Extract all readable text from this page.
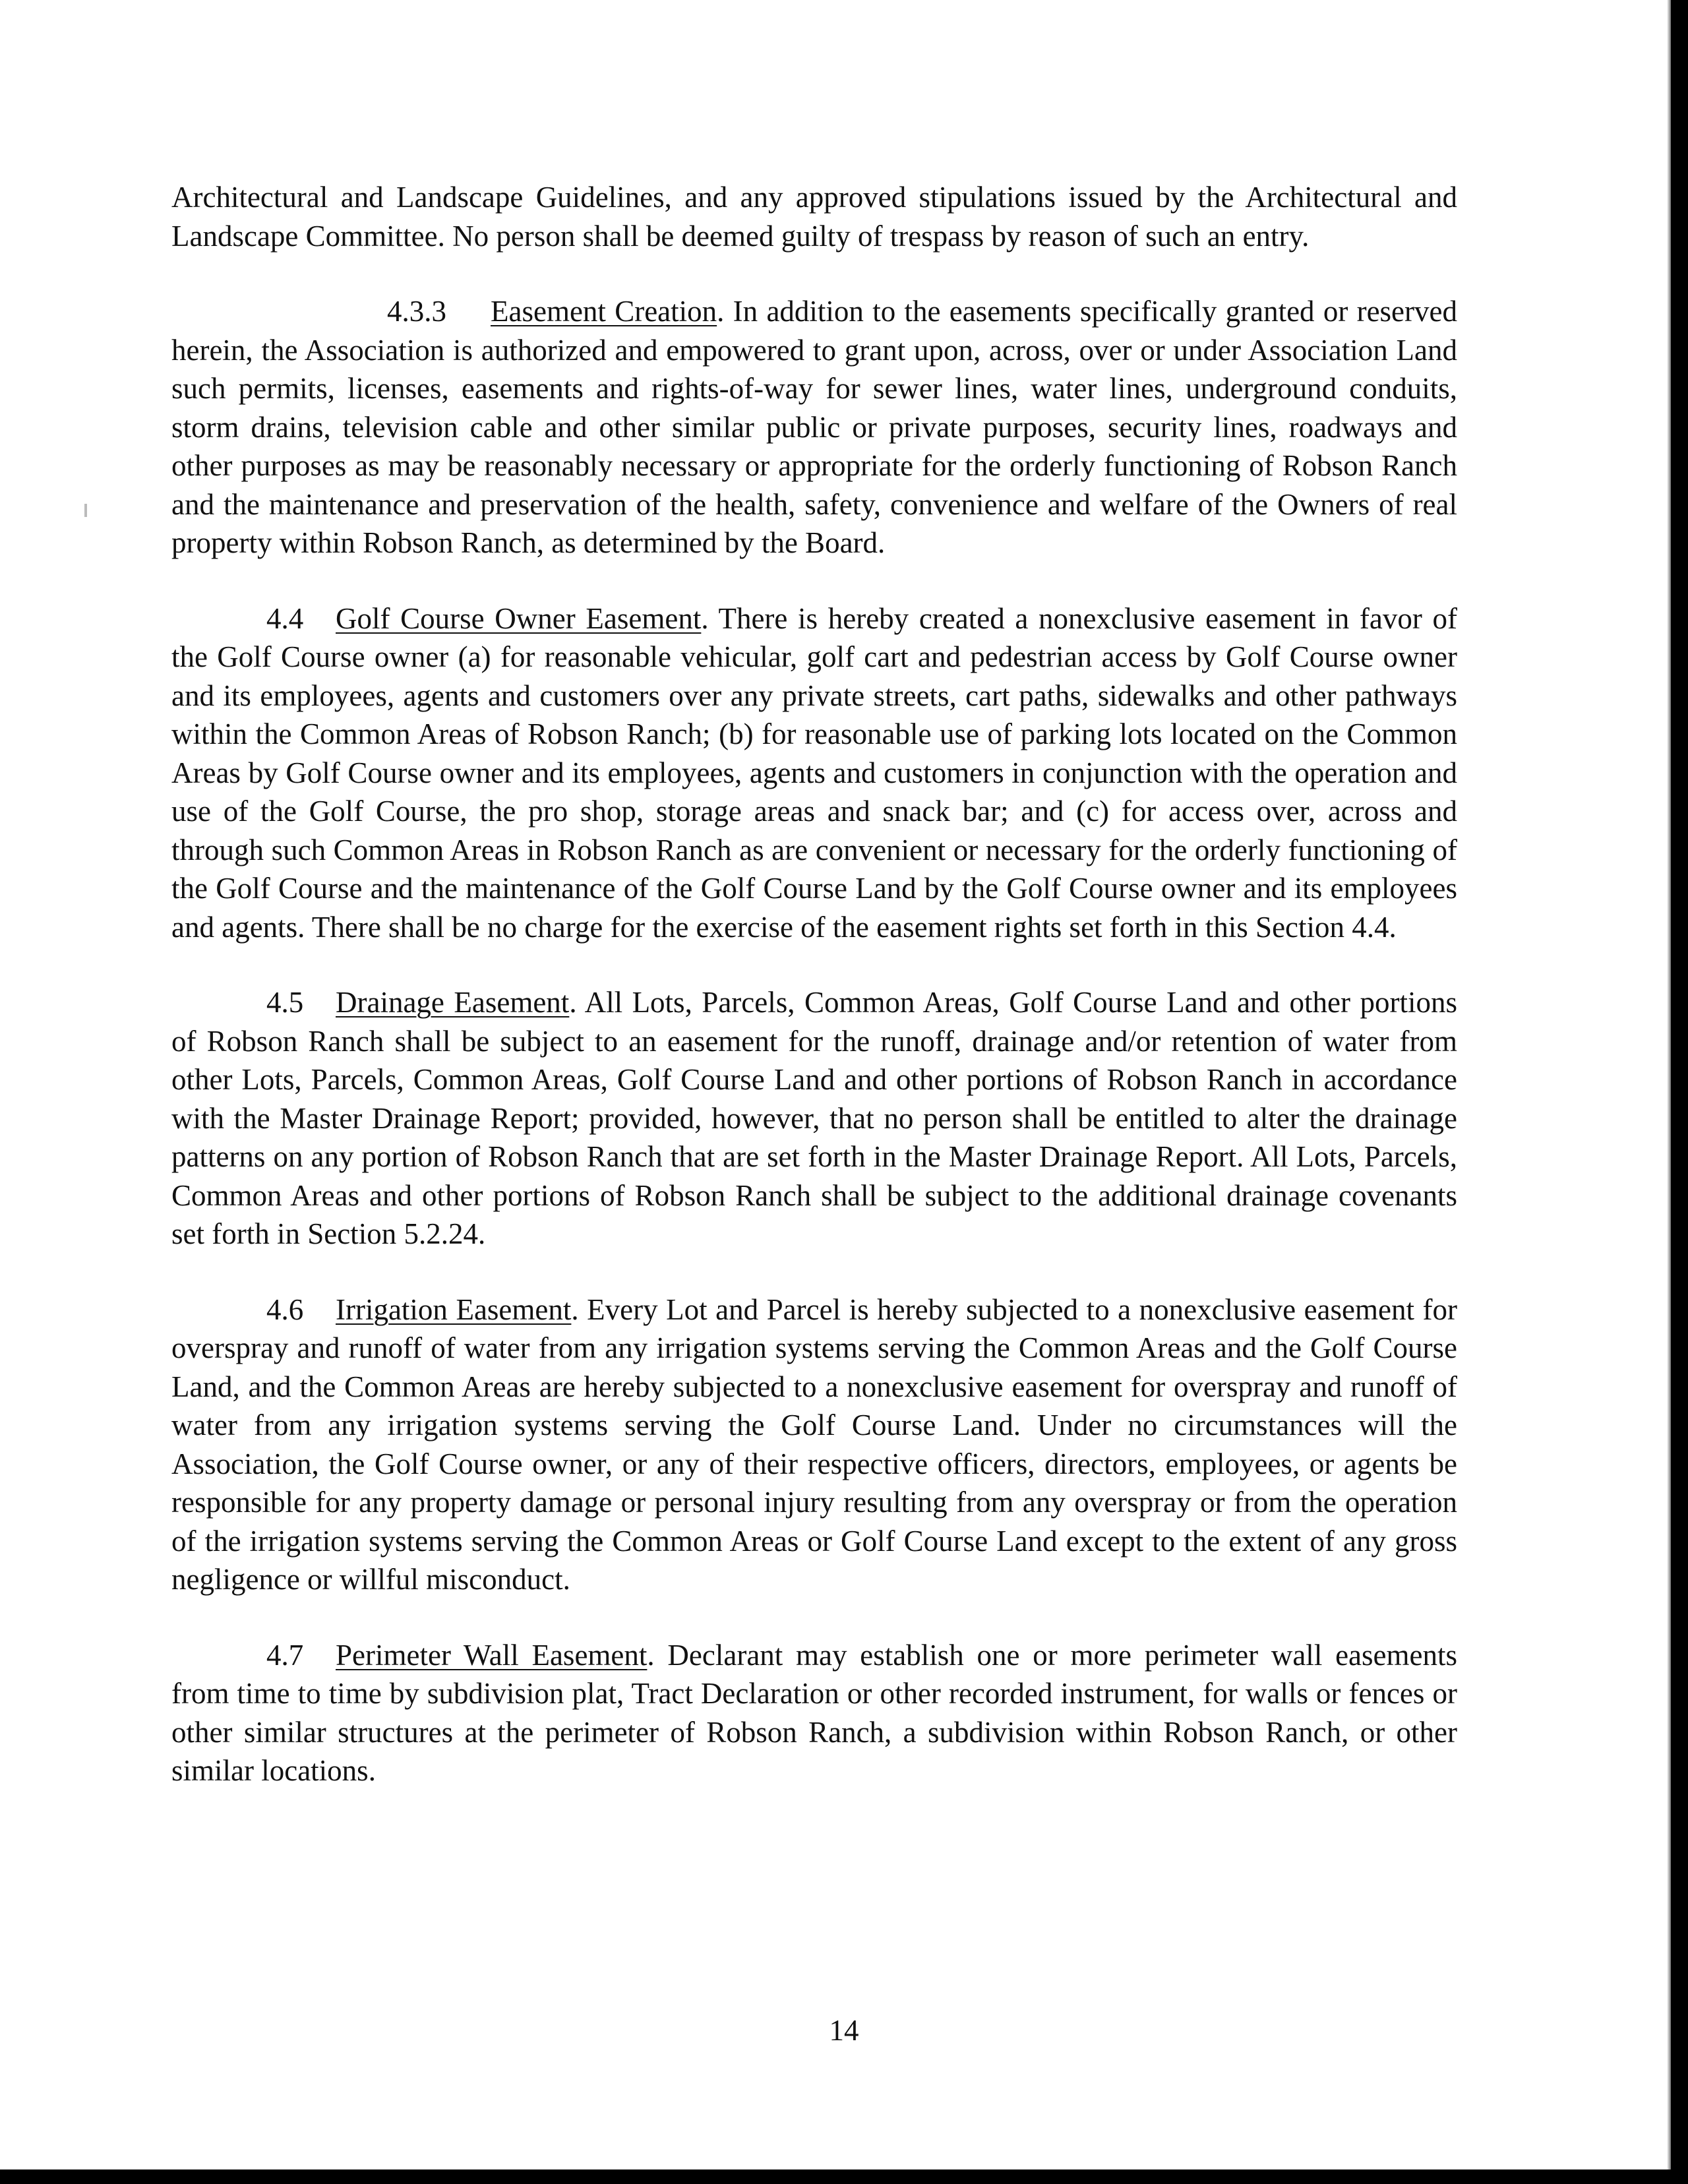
Architectural and Landscape Guidelines, and any approved stipulations issued by the Architectural and Landscape Committee. No person shall be deemed guilty of trespass by reason of such an entry.

4.3.3 Easement Creation. In addition to the easements specifically granted or reserved herein, the Association is authorized and empowered to grant upon, across, over or under Association Land such permits, licenses, easements and rights-of-way for sewer lines, water lines, underground conduits, storm drains, television cable and other similar public or private purposes, security lines, roadways and other purposes as may be reasonably necessary or appropriate for the orderly functioning of Robson Ranch and the maintenance and preservation of the health, safety, convenience and welfare of the Owners of real property within Robson Ranch, as determined by the Board.

4.4 Golf Course Owner Easement. There is hereby created a nonexclusive easement in favor of the Golf Course owner (a) for reasonable vehicular, golf cart and pedestrian access by Golf Course owner and its employees, agents and customers over any private streets, cart paths, sidewalks and other pathways within the Common Areas of Robson Ranch; (b) for reasonable use of parking lots located on the Common Areas by Golf Course owner and its employees, agents and customers in conjunction with the operation and use of the Golf Course, the pro shop, storage areas and snack bar; and (c) for access over, across and through such Common Areas in Robson Ranch as are convenient or necessary for the orderly functioning of the Golf Course and the maintenance of the Golf Course Land by the Golf Course owner and its employees and agents. There shall be no charge for the exercise of the easement rights set forth in this Section 4.4.

4.5 Drainage Easement. All Lots, Parcels, Common Areas, Golf Course Land and other portions of Robson Ranch shall be subject to an easement for the runoff, drainage and/or retention of water from other Lots, Parcels, Common Areas, Golf Course Land and other portions of Robson Ranch in accordance with the Master Drainage Report; provided, however, that no person shall be entitled to alter the drainage patterns on any portion of Robson Ranch that are set forth in the Master Drainage Report. All Lots, Parcels, Common Areas and other portions of Robson Ranch shall be subject to the additional drainage covenants set forth in Section 5.2.24.

4.6 Irrigation Easement. Every Lot and Parcel is hereby subjected to a nonexclusive easement for overspray and runoff of water from any irrigation systems serving the Common Areas and the Golf Course Land, and the Common Areas are hereby subjected to a nonexclusive easement for overspray and runoff of water from any irrigation systems serving the Golf Course Land. Under no circumstances will the Association, the Golf Course owner, or any of their respective officers, directors, employees, or agents be responsible for any property damage or personal injury resulting from any overspray or from the operation of the irrigation systems serving the Common Areas or Golf Course Land except to the extent of any gross negligence or willful misconduct.

4.7 Perimeter Wall Easement. Declarant may establish one or more perimeter wall easements from time to time by subdivision plat, Tract Declaration or other recorded instrument, for walls or fences or other similar structures at the perimeter of Robson Ranch, a subdivision within Robson Ranch, or other similar locations.

14
